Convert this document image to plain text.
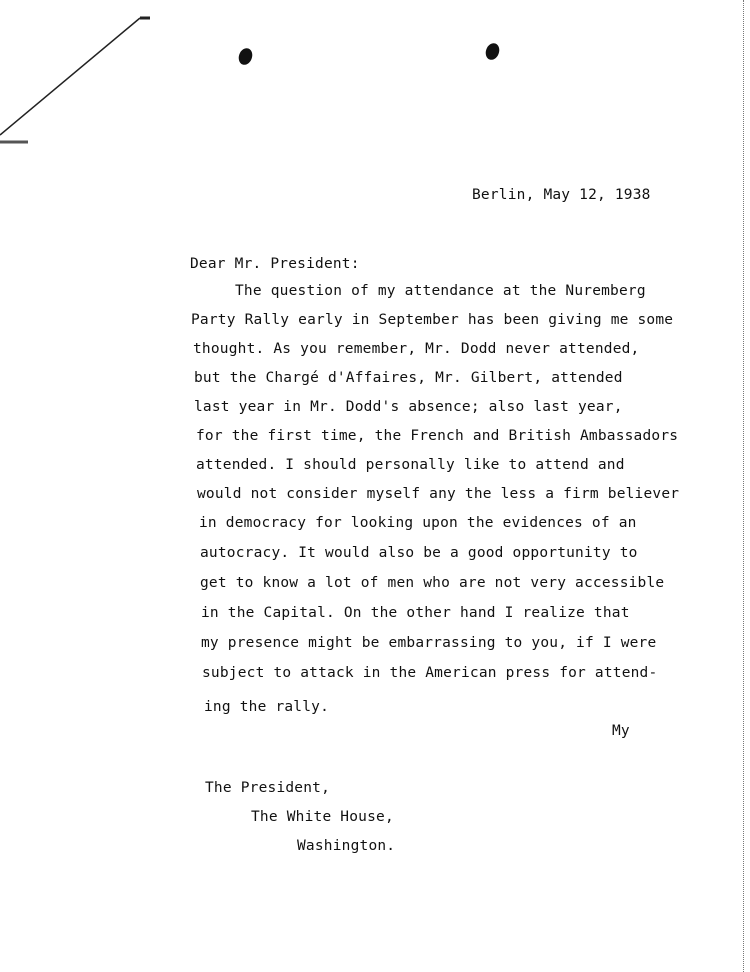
Berlin, May 12, 1938
Dear Mr. President:
The question of my attendance at the Nuremberg
Party Rally early in September has been giving me some
thought. As you remember, Mr. Dodd never attended,
but the Chargé d'Affaires, Mr. Gilbert, attended
last year in Mr. Dodd's absence; also last year,
for the first time, the French and British Ambassadors
attended. I should personally like to attend and
would not consider myself any the less a firm believer
in democracy for looking upon the evidences of an
autocracy. It would also be a good opportunity to
get to know a lot of men who are not very accessible
in the Capital. On the other hand I realize that
my presence might be embarrassing to you, if I were
subject to attack in the American press for attend-
ing the rally.
My
The President,
The White House,
Washington.
